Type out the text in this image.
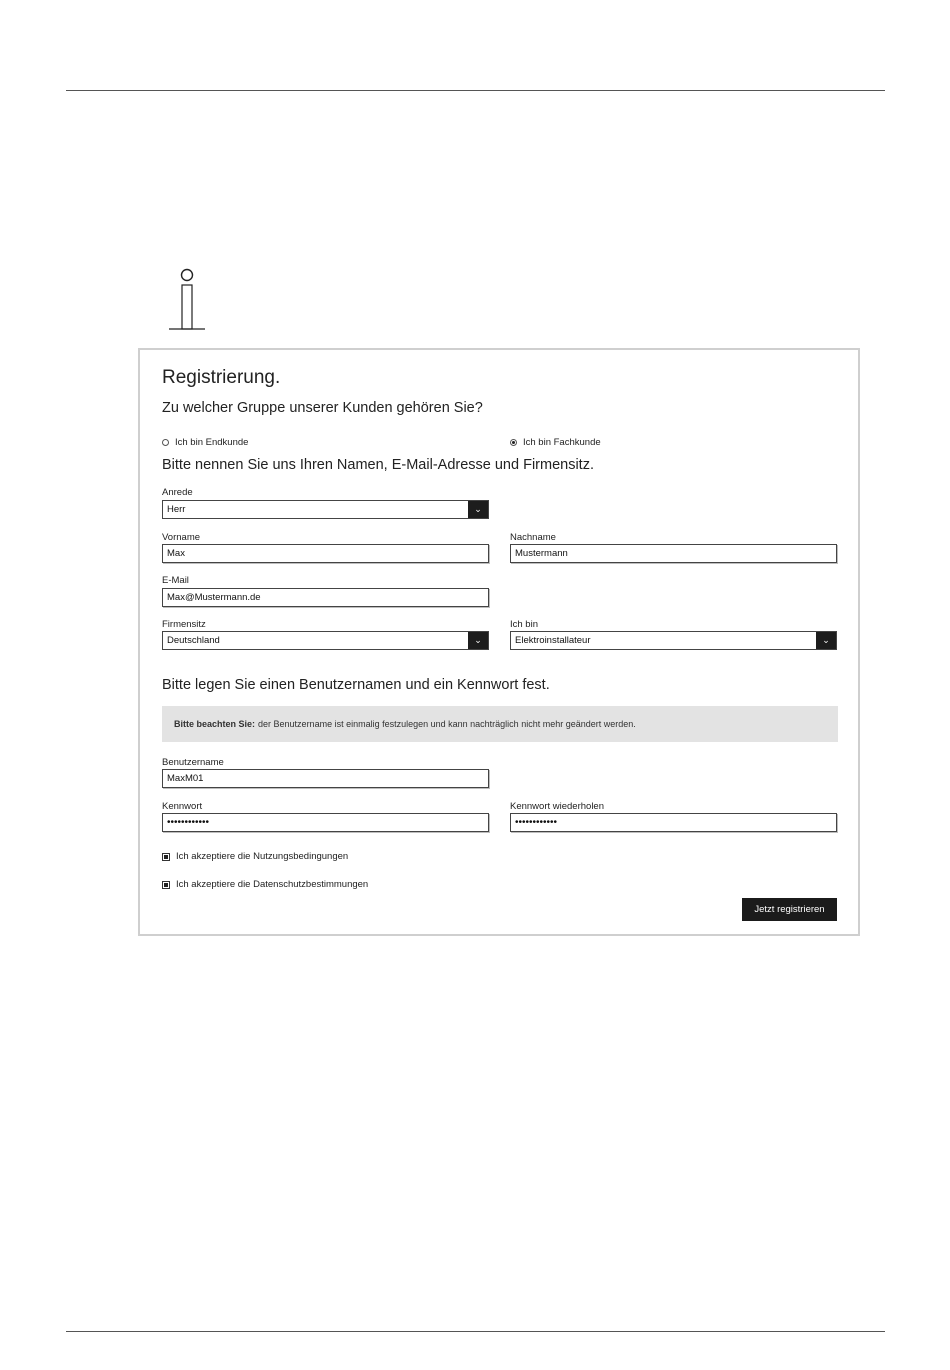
Registrierung.
Zu welcher Gruppe unserer Kunden gehören Sie?
Ich bin Endkunde	Ich bin Fachkunde
Bitte nennen Sie uns Ihren Namen, E-Mail-Adresse und Firmensitz.
Anrede
Herr	⌄
Vorname
Max
Nachname
Mustermann
E-Mail
Max@Mustermann.de
Firmensitz
Deutschland	⌄
Ich bin
Elektroinstallateur	⌄
Bitte legen Sie einen Benutzernamen und ein Kennwort fest.
Bitte beachten Sie: der Benutzername ist einmalig festzulegen und kann nachträglich nicht mehr geändert werden.
Benutzername
MaxM01
Kennwort
••••••••••••
Kennwort wiederholen
••••••••••••
Ich akzeptiere die Nutzungsbedingungen
Ich akzeptiere die Datenschutzbestimmungen
Jetzt registrieren
